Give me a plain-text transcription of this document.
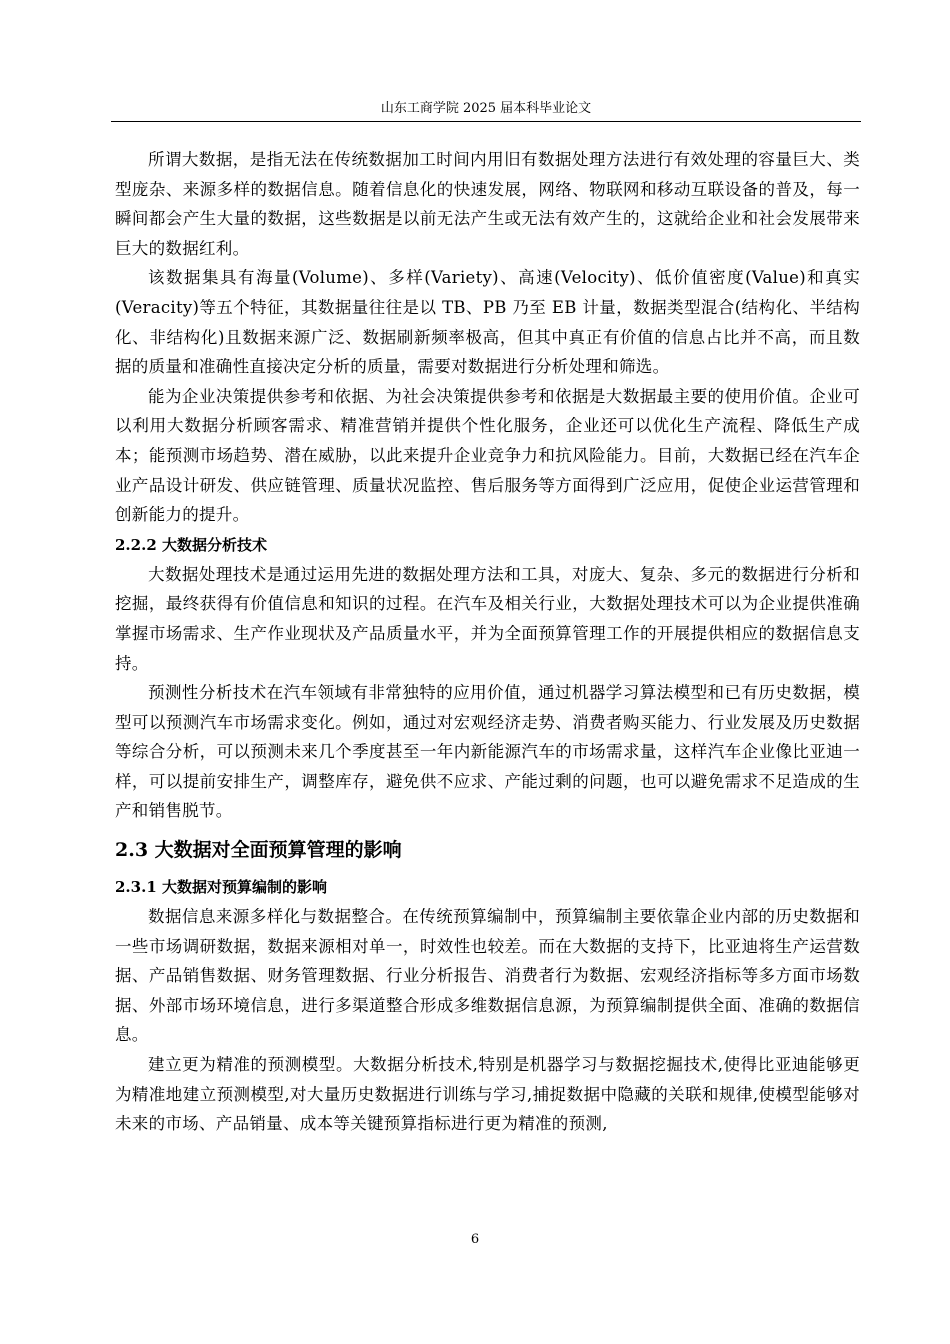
山东工商学院 2025 届本科毕业论文

所谓大数据，是指无法在传统数据加工时间内用旧有数据处理方法进行有效处理的容量巨大、类型庞杂、来源多样的数据信息。随着信息化的快速发展，网络、物联网和移动互联设备的普及，每一瞬间都会产生大量的数据，这些数据是以前无法产生或无法有效产生的，这就给企业和社会发展带来巨大的数据红利。

该数据集具有海量(Volume)、多样(Variety)、高速(Velocity)、低价值密度(Value)和真实(Veracity)等五个特征，其数据量往往是以 TB、PB 乃至 EB 计量，数据类型混合(结构化、半结构化、非结构化)且数据来源广泛、数据刷新频率极高，但其中真正有价值的信息占比并不高，而且数据的质量和准确性直接决定分析的质量，需要对数据进行分析处理和筛选。

能为企业决策提供参考和依据、为社会决策提供参考和依据是大数据最主要的使用价值。企业可以利用大数据分析顾客需求、精准营销并提供个性化服务，企业还可以优化生产流程、降低生产成本；能预测市场趋势、潜在威胁，以此来提升企业竞争力和抗风险能力。目前，大数据已经在汽车企业产品设计研发、供应链管理、质量状况监控、售后服务等方面得到广泛应用，促使企业运营管理和创新能力的提升。

2.2.2 大数据分析技术

大数据处理技术是通过运用先进的数据处理方法和工具，对庞大、复杂、多元的数据进行分析和挖掘，最终获得有价值信息和知识的过程。在汽车及相关行业，大数据处理技术可以为企业提供准确掌握市场需求、生产作业现状及产品质量水平，并为全面预算管理工作的开展提供相应的数据信息支持。

预测性分析技术在汽车领域有非常独特的应用价值，通过机器学习算法模型和已有历史数据，模型可以预测汽车市场需求变化。例如，通过对宏观经济走势、消费者购买能力、行业发展及历史数据等综合分析，可以预测未来几个季度甚至一年内新能源汽车的市场需求量，这样汽车企业像比亚迪一样，可以提前安排生产，调整库存，避免供不应求、产能过剩的问题，也可以避免需求不足造成的生产和销售脱节。

2.3 大数据对全面预算管理的影响
2.3.1 大数据对预算编制的影响

数据信息来源多样化与数据整合。在传统预算编制中，预算编制主要依靠企业内部的历史数据和一些市场调研数据，数据来源相对单一，时效性也较差。而在大数据的支持下，比亚迪将生产运营数据、产品销售数据、财务管理数据、行业分析报告、消费者行为数据、宏观经济指标等多方面市场数据、外部市场环境信息，进行多渠道整合形成多维数据信息源，为预算编制提供全面、准确的数据信息。

建立更为精准的预测模型。大数据分析技术,特别是机器学习与数据挖掘技术,使得比亚迪能够更为精准地建立预测模型,对大量历史数据进行训练与学习,捕捉数据中隐藏的关联和规律,使模型能够对未来的市场、产品销量、成本等关键预算指标进行更为精准的预测,

6
